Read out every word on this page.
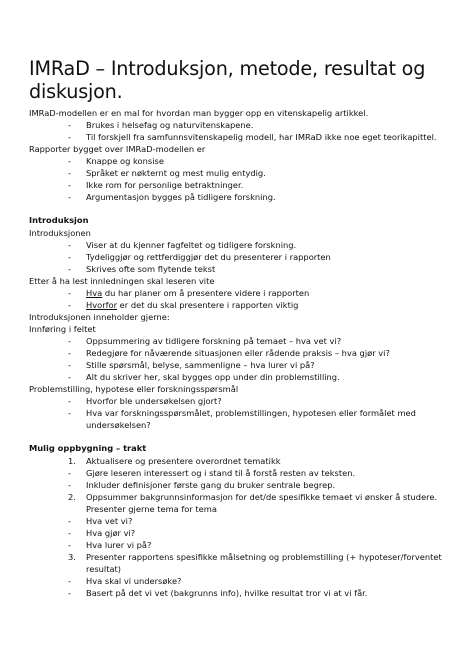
IMRaD – Introduksjon, metode, resultat og diskusjon.
IMRaD-modellen er en mal for hvordan man bygger opp en vitenskapelig artikkel.
- Brukes i helsefag og naturvitenskapene.
- Til forskjell fra samfunnsvitenskapelig modell, har IMRaD ikke noe eget teorikapittel.
Rapporter bygget over IMRaD-modellen er
- Knappe og konsise
- Språket er nøkternt og mest mulig entydig.
- Ikke rom for personlige betraktninger.
- Argumentasjon bygges på tidligere forskning.
Introduksjon
Introduksjonen
- Viser at du kjenner fagfeltet og tidligere forskning.
- Tydeliggjør og rettferdiggjør det du presenterer i rapporten
- Skrives ofte som flytende tekst
Etter å ha lest innledningen skal leseren vite
- Hva du har planer om å presentere videre i rapporten
- Hvorfor er det du skal presentere i rapporten viktig
Introduksjonen inneholder gjerne:
Innføring i feltet
- Oppsummering av tidligere forskning på temaet – hva vet vi?
- Redegjøre for nåværende situasjonen eller rådende praksis – hva gjør vi?
- Stille spørsmål, belyse, sammenligne – hva lurer vi på?
- Alt du skriver her, skal bygges opp under din problemstilling.
Problemstilling, hypotese eller forskningsspørsmål
- Hvorfor ble undersøkelsen gjort?
- Hva var forskningsspørsmålet, problemstillingen, hypotesen eller formålet med
undersøkelsen?
Mulig oppbygning – trakt
1. Aktualisere og presentere overordnet tematikk
- Gjøre leseren interessert og i stand til å forstå resten av teksten.
- Inkluder definisjoner første gang du bruker sentrale begrep.
2. Oppsummer bakgrunnsinformasjon for det/de spesifikke temaet vi ønsker å studere.
Presenter gjerne tema for tema
- Hva vet vi?
- Hva gjør vi?
- Hva lurer vi på?
3. Presenter rapportens spesifikke målsetning og problemstilling (+ hypoteser/forventet
resultat)
- Hva skal vi undersøke?
- Basert på det vi vet (bakgrunns info), hvilke resultat tror vi at vi får.
